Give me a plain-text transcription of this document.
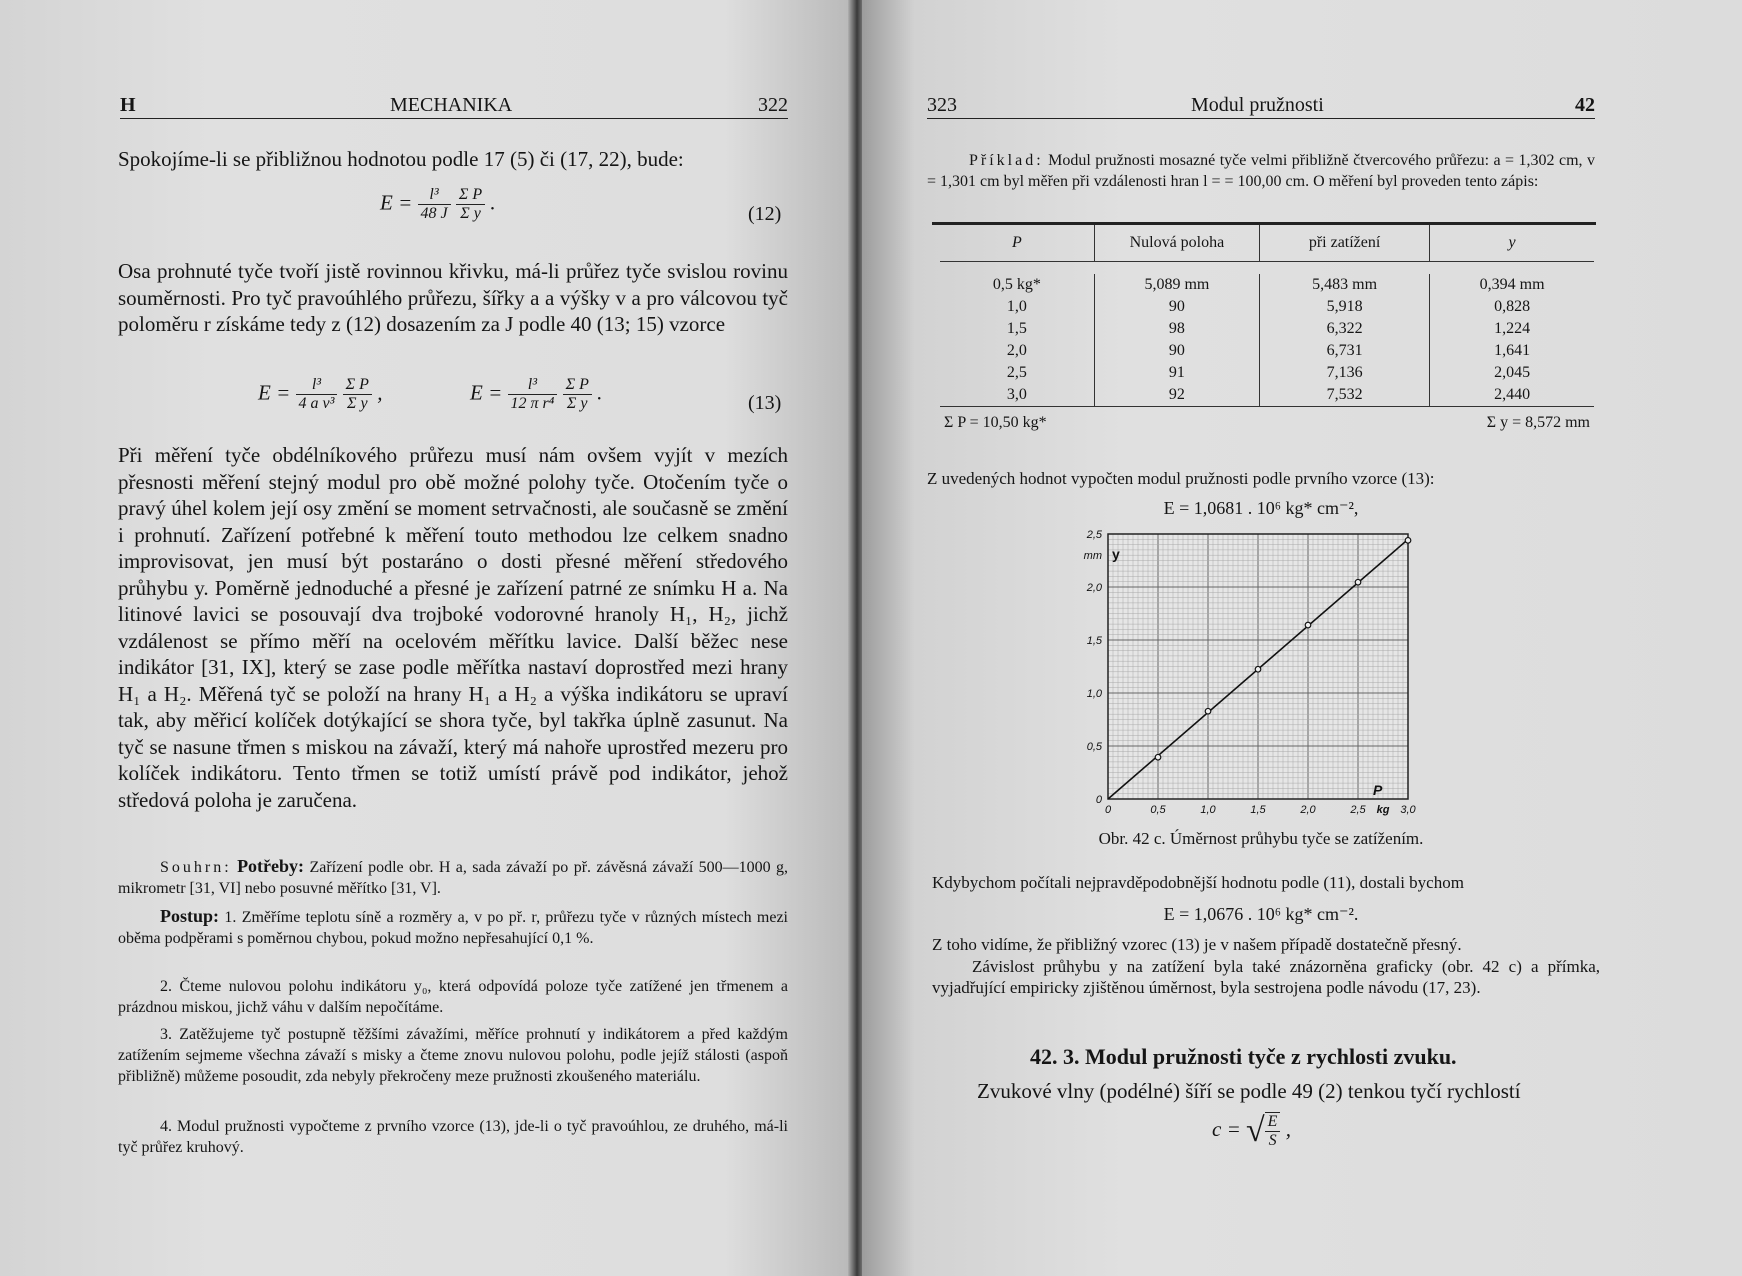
H	MECHANIKA	322

Spokojíme-li se přibližnou hodnotou podle 17 (5) či (17, 22), bude:

$E = \frac{\text{l³}}{48 J}$
$\frac{\text{Σ P}}{\text{Σ y}}$ .	(12)

Osa prohnuté tyče tvoří jistě rovinnou křivku, má-li průřez tyče svislou rovinu souměrnosti. Pro tyč pravoúhlého průřezu, šířky a a výšky v a pro válcovou tyč poloměru r získáme tedy z (12) dosazením za J podle 40 (13; 15) vzorce

$E = \frac{\text{l³}}{\text{4 a v³}}$
$\frac{\text{Σ P}}{\text{Σ y}}$ ,	$E = \frac{\text{l³}}{\text{12 π r⁴}}$
$\frac{\text{Σ P}}{\text{Σ y}}$ .	(13)

Při měření tyče obdélníkového průřezu musí nám ovšem vyjít v mezích přesnosti měření stejný modul pro obě možné polohy tyče. Otočením tyče o pravý úhel kolem její osy změní se moment setrvačnosti, ale současně se změní i prohnutí. Zařízení potřebné k měření touto methodou lze celkem snadno improvisovat, jen musí být postaráno o dosti přesné měření středového průhybu y. Poměrně jednoduché a přesné je zařízení patrné ze snímku H a. Na litinové lavici se posouvají dva trojboké vodorovné hranoly H₁, H₂, jichž vzdálenost se přímo měří na ocelovém měřítku lavice. Další běžec nese indikátor [31, IX], který se zase podle měřítka nastaví doprostřed mezi hrany H₁ a H₂. Měřená tyč se položí na hrany H₁ a H₂ a výška indikátoru se upraví tak, aby měřicí kolíček dotýkající se shora tyče, byl takřka úplně zasunut. Na tyč se nasune třmen s miskou na závaží, který má nahoře uprostřed mezeru pro kolíček indikátoru. Tento třmen se totiž umístí právě pod indikátor, jehož středová poloha je zaručena.

Souhrn: Potřeby: Zařízení podle obr. H a, sada závaží po př. závěsná závaží 500—1000 g, mikrometr [31, VI] nebo posuvné měřítko [31, V].

Postup: 1. Změříme teplotu síně a rozměry a, v po př. r, průřezu tyče v různých místech mezi oběma podpěrami s poměrnou chybou, pokud možno nepřesahující 0,1 %.

2. Čteme nulovou polohu indikátoru y₀, která odpovídá poloze tyče zatížené jen třmenem a prázdnou miskou, jichž váhu v dalším nepočítáme.

3. Zatěžujeme tyč postupně těžšími závažími, měříce prohnutí y indikátorem a před každým zatížením sejmeme všechna závaží s misky a čteme znovu nulovou polohu, podle jejíž stálosti (aspoň přibližně) můžeme posoudit, zda nebyly překročeny meze pružnosti zkoušeného materiálu.

4. Modul pružnosti vypočteme z prvního vzorce (13), jde-li o tyč pravoúhlou, ze druhého, má-li tyč průřez kruhový.

323	Modul pružnosti	42

Příklad: Modul pružnosti mosazné tyče velmi přibližně čtvercového průřezu: a = 1,302 cm, v = 1,301 cm byl měřen při vzdálenosti hran l = = 100,00 cm. O měření byl proveden tento zápis:

P	Nulová poloha	při zatížení	y

0,5 kg*	5,089 mm	5,483 mm	0,394 mm
1,0	90	5,918	0,828
1,5	98	6,322	1,224
2,0	90	6,731	1,641
2,5	91	7,136	2,045
3,0	92	7,532	2,440
Σ P = 10,50 kg*		Σ y = 8,572 mm	

Z uvedených hodnot vypočten modul pružnosti podle prvního vzorce (13):

E = 1,0681 . 10⁶ kg* cm⁻²,

0	0,5	1,0	1,5	2,0	2,5	3,0
0
0,5
1,0
1,5
2,0
2,5
y
mm
P
kg

Obr. 42 c. Úměrnost průhybu tyče se zatížením.

Kdybychom počítali nejpravděpodobnější hodnotu podle (11), dostali bychom

E = 1,0676 . 10⁶ kg* cm⁻².

Z toho vidíme, že přibližný vzorec (13) je v našem případě dostatečně přesný.

Závislost průhybu y na zatížení byla také znázorněna graficky (obr. 42 c) a přímka, vyjadřující empiricky zjištěnou úměrnost, byla sestrojena podle návodu (17, 23).

42. 3. Modul pružnosti tyče z rychlosti zvuku.

Zvukové vlny (podélné) šíří se podle 49 (2) tenkou tyčí rychlostí

c = √ $\frac{E}{S}$ ,
